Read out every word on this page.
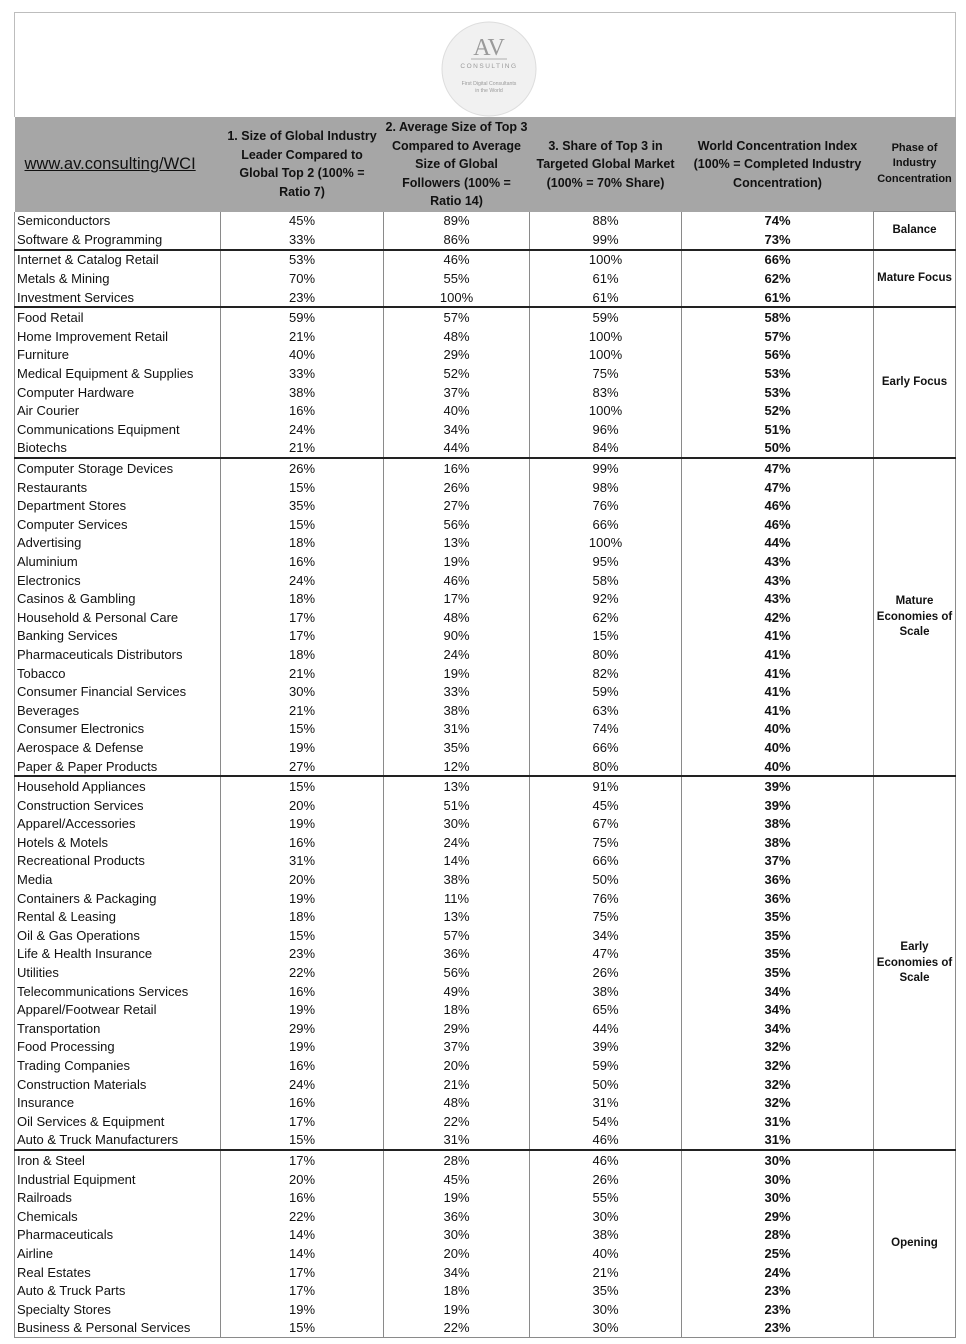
AV
CONSULTING
First Digital Consultants
in the World
www.av.consulting/WCI	1. Size of Global Industry Leader Compared to Global Top 2 (100% = Ratio 7)	2. Average Size of Top 3 Compared to Average Size of Global Followers (100% = Ratio 14)	3. Share of Top 3 in Targeted Global Market (100% = 70% Share)	World Concentration Index (100% = Completed Industry Concentration)	Phase of Industry Concentration
Semiconductors	45%	89%	88%	74%	Balance
Software & Programming	33%	86%	99%	73%	
Internet & Catalog Retail	53%	46%	100%	66%	Mature Focus
Metals & Mining	70%	55%	61%	62%	
Investment Services	23%	100%	61%	61%	
Food Retail	59%	57%	59%	58%	Early Focus
Home Improvement Retail	21%	48%	100%	57%	
Furniture	40%	29%	100%	56%	
Medical Equipment & Supplies	33%	52%	75%	53%	
Computer Hardware	38%	37%	83%	53%	
Air Courier	16%	40%	100%	52%	
Communications Equipment	24%	34%	96%	51%	
Biotechs	21%	44%	84%	50%	
Computer Storage Devices	26%	16%	99%	47%	Mature Economies of Scale
Restaurants	15%	26%	98%	47%	
Department Stores	35%	27%	76%	46%	
Computer Services	15%	56%	66%	46%	
Advertising	18%	13%	100%	44%	
Aluminium	16%	19%	95%	43%	
Electronics	24%	46%	58%	43%	
Casinos & Gambling	18%	17%	92%	43%	
Household & Personal Care	17%	48%	62%	42%	
Banking Services	17%	90%	15%	41%	
Pharmaceuticals Distributors	18%	24%	80%	41%	
Tobacco	21%	19%	82%	41%	
Consumer Financial Services	30%	33%	59%	41%	
Beverages	21%	38%	63%	41%	
Consumer Electronics	15%	31%	74%	40%	
Aerospace & Defense	19%	35%	66%	40%	
Paper & Paper Products	27%	12%	80%	40%	
Household Appliances	15%	13%	91%	39%	Early Economies of Scale
Construction Services	20%	51%	45%	39%	
Apparel/Accessories	19%	30%	67%	38%	
Hotels & Motels	16%	24%	75%	38%	
Recreational Products	31%	14%	66%	37%	
Media	20%	38%	50%	36%	
Containers & Packaging	19%	11%	76%	36%	
Rental & Leasing	18%	13%	75%	35%	
Oil & Gas Operations	15%	57%	34%	35%	
Life & Health Insurance	23%	36%	47%	35%	
Utilities	22%	56%	26%	35%	
Telecommunications Services	16%	49%	38%	34%	
Apparel/Footwear Retail	19%	18%	65%	34%	
Transportation	29%	29%	44%	34%	
Food Processing	19%	37%	39%	32%	
Trading Companies	16%	20%	59%	32%	
Construction Materials	24%	21%	50%	32%	
Insurance	16%	48%	31%	32%	
Oil Services & Equipment	17%	22%	54%	31%	
Auto & Truck Manufacturers	15%	31%	46%	31%	
Iron & Steel	17%	28%	46%	30%	Opening
Industrial Equipment	20%	45%	26%	30%	
Railroads	16%	19%	55%	30%	
Chemicals	22%	36%	30%	29%	
Pharmaceuticals	14%	30%	38%	28%	
Airline	14%	20%	40%	25%	
Real Estates	17%	34%	21%	24%	
Auto & Truck Parts	17%	18%	35%	23%	
Specialty Stores	19%	19%	30%	23%	
Business & Personal Services	15%	22%	30%	23%	
